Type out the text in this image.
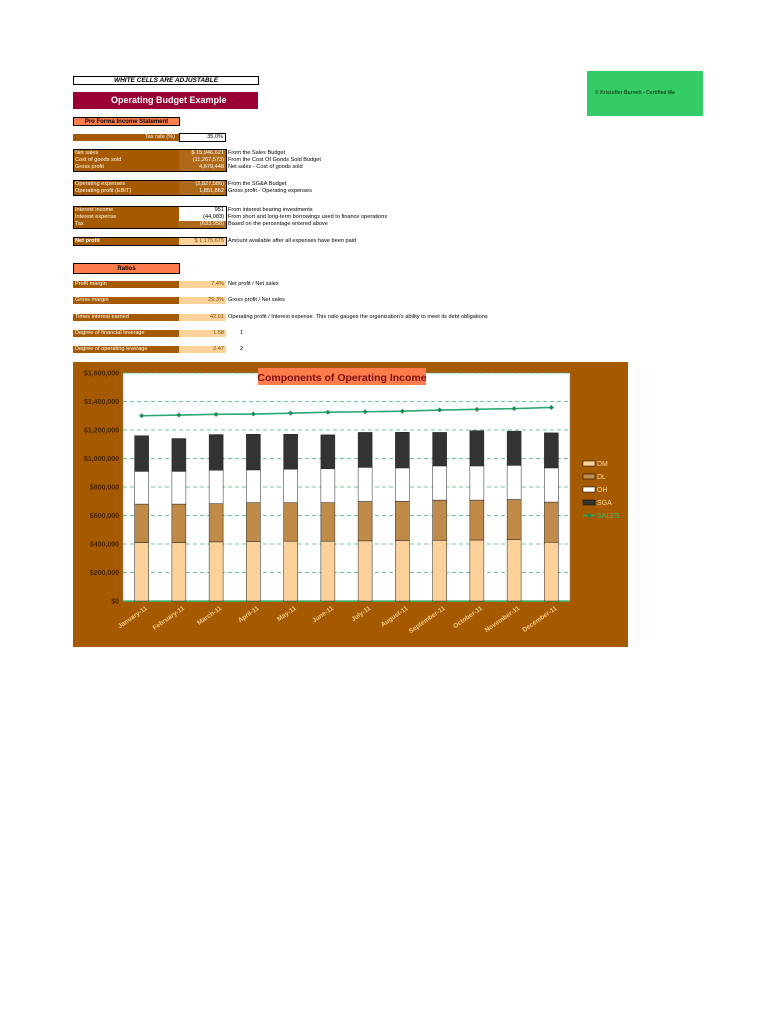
WHITE CELLS ARE ADJUSTABLE
Operating Budget Example
© Kristoffer Burnett - Certified Ma
Pro Forma Income Statement
Tax rate (%)	35.0%
Net sales	$ 15,946,621 From the Sales Budget
Cost of goods sold	(11,267,573) From the Cost Of Goods Sold Budget
Gross profit	4,679,448 Net sales - Cost of goods sold
Operating expenses	(2,827,586) From the SG&A Budget
Operating profit (EBIT)	1,851,862 Gross profit - Operating expenses
Interest income	951 From interest bearing investments
Interest expense	(44,083) From short and long-term borrowings used to finance operations
Tax	(633,058) Based on the percentage entered above
Net profit	$ 1,175,675 Amount available after all expenses have been paid
Ratios
Profit margin	7.4% Net profit / Net sales
Gross margin	29.3% Gross profit / Net sales
Times interest earned	42.01 Operating profit / Interest expense. This ratio gauges the organization's ability to meet its debt obligations
Degree of financial leverage	1.58	1
Degree of operating leverage	2.47	2
$0
$200,000
$400,000
$600,000
$800,000
$1,000,000
$1,200,000
$1,400,000
$1,600,000
January-11 February-11 March-11 April-11 May-11 June-11 July-11 August-11
September-11 October-11 November-11 December-11
Components of Operating Income
DM
DL
OH
SGA
SALES
